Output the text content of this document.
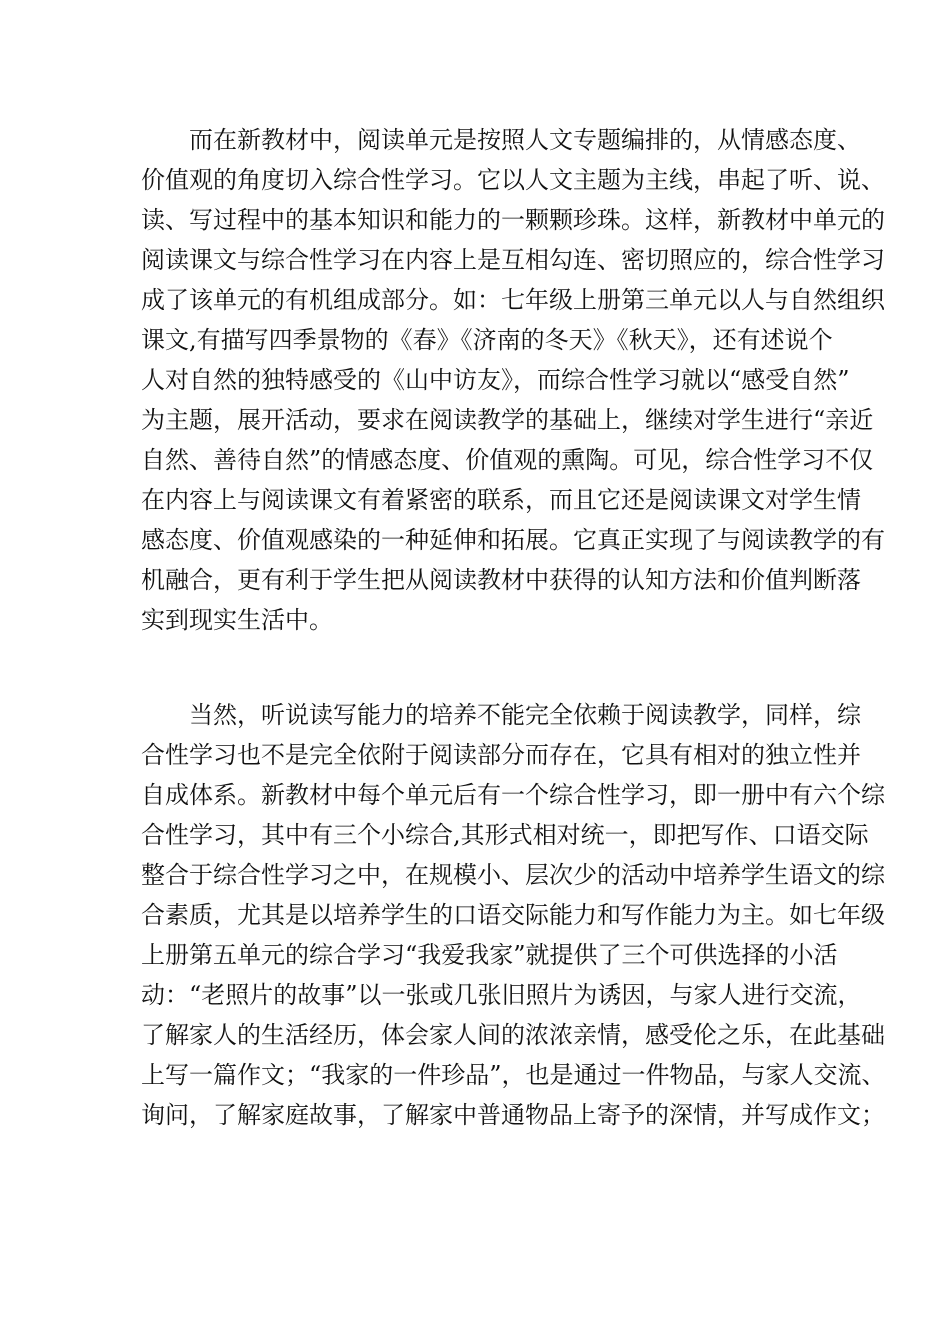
而在新教材中，阅读单元是按照人文专题编排的，从情感态度、
价值观的角度切入综合性学习。它以人文主题为主线，串起了听、说、
读、写过程中的基本知识和能力的一颗颗珍珠。这样，新教材中单元的
阅读课文与综合性学习在内容上是互相勾连、密切照应的，综合性学习
成了该单元的有机组成部分。如：七年级上册第三单元以人与自然组织
课文,有描写四季景物的《春》《济南的冬天》《秋天》，还有述说个
人对自然的独特感受的《山中访友》，而综合性学习就以“感受自然”
为主题，展开活动，要求在阅读教学的基础上，继续对学生进行“亲近
自然、善待自然”的情感态度、价值观的熏陶。可见，综合性学习不仅
在内容上与阅读课文有着紧密的联系，而且它还是阅读课文对学生情
感态度、价值观感染的一种延伸和拓展。它真正实现了与阅读教学的有
机融合，更有利于学生把从阅读教材中获得的认知方法和价值判断落
实到现实生活中。
当然，听说读写能力的培养不能完全依赖于阅读教学，同样，综
合性学习也不是完全依附于阅读部分而存在，它具有相对的独立性并
自成体系。新教材中每个单元后有一个综合性学习，即一册中有六个综
合性学习，其中有三个小综合,其形式相对统一，即把写作、口语交际
整合于综合性学习之中，在规模小、层次少的活动中培养学生语文的综
合素质，尤其是以培养学生的口语交际能力和写作能力为主。如七年级
上册第五单元的综合学习“我爱我家”就提供了三个可供选择的小活
动：“老照片的故事”以一张或几张旧照片为诱因，与家人进行交流，
了解家人的生活经历，体会家人间的浓浓亲情，感受伦之乐，在此基础
上写一篇作文；“我家的一件珍品”，也是通过一件物品，与家人交流、
询问，了解家庭故事，了解家中普通物品上寄予的深情，并写成作文；
